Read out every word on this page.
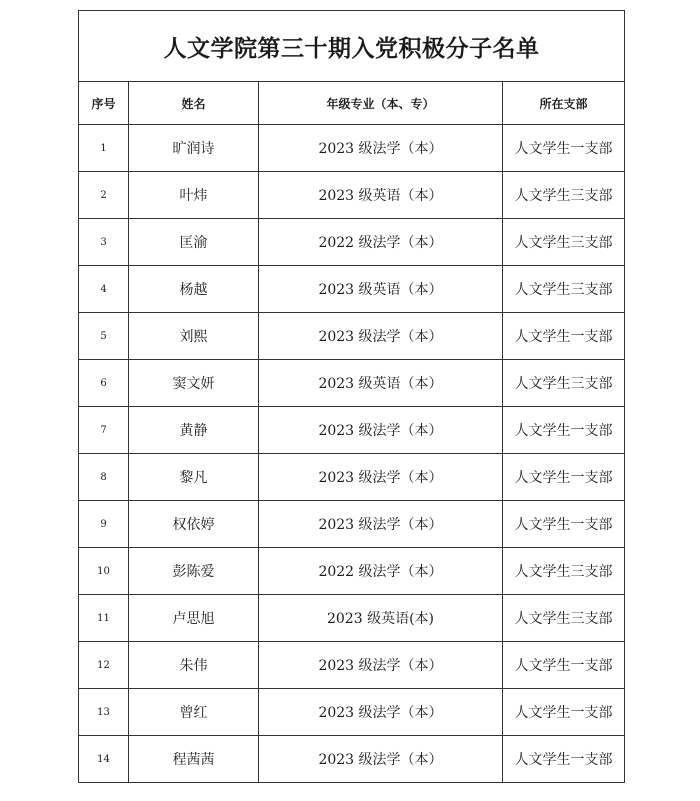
人文学院第三十期入党积极分子名单			
序号	姓名	年级专业（本、专）	所在支部
1	旷润诗	2023 级法学（本）	人文学生一支部
2	叶炜	2023 级英语（本）	人文学生三支部
3	匡渝	2022 级法学（本）	人文学生三支部
4	杨越	2023 级英语（本）	人文学生三支部
5	刘熙	2023 级法学（本）	人文学生一支部
6	窦文妍	2023 级英语（本）	人文学生三支部
7	黄静	2023 级法学（本）	人文学生一支部
8	黎凡	2023 级法学（本）	人文学生一支部
9	权依婷	2023 级法学（本）	人文学生一支部
10	彭陈爱	2022 级法学（本）	人文学生三支部
11	卢思旭	2023 级英语(本)	人文学生三支部
12	朱伟	2023 级法学（本）	人文学生一支部
13	曾红	2023 级法学（本）	人文学生一支部
14	程茜茜	2023 级法学（本）	人文学生一支部
